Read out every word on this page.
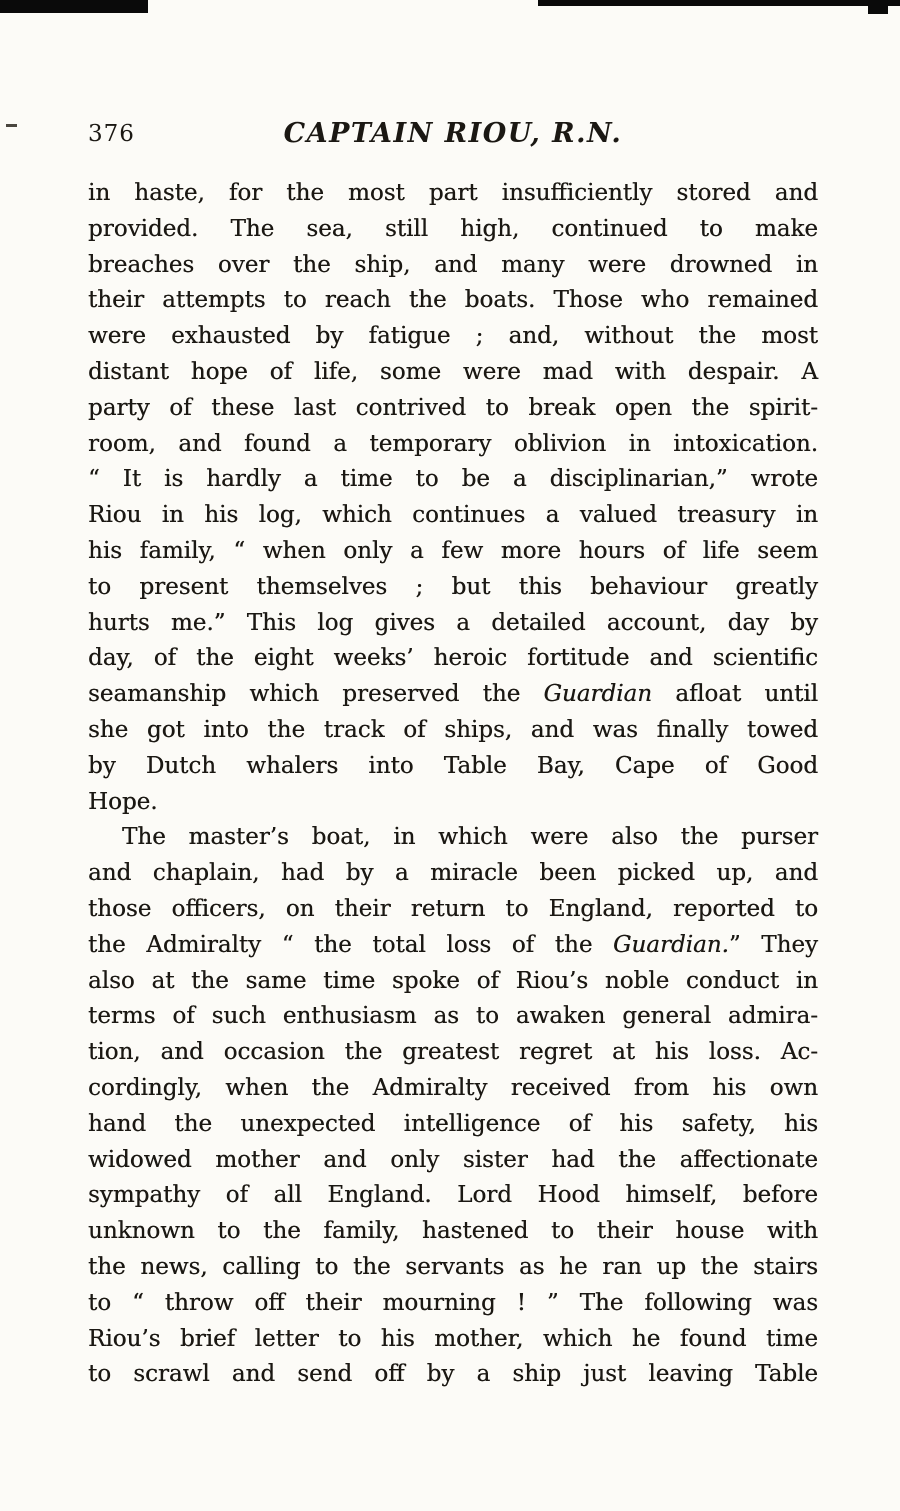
376	CAPTAIN RIOU, R.N.
in haste, for the most part insufficiently stored and
provided. The sea, still high, continued to make
breaches over the ship, and many were drowned in
their attempts to reach the boats. Those who remained
were exhausted by fatigue ; and, without the most
distant hope of life, some were mad with despair. A
party of these last contrived to break open the spirit-
room, and found a temporary oblivion in intoxication.
“ It is hardly a time to be a disciplinarian,” wrote
Riou in his log, which continues a valued treasury in
his family, “ when only a few more hours of life seem
to present themselves ; but this behaviour greatly
hurts me.” This log gives a detailed account, day by
day, of the eight weeks’ heroic fortitude and scientific
seamanship which preserved the Guardian afloat until
she got into the track of ships, and was finally towed
by Dutch whalers into Table Bay, Cape of Good
Hope.
The master’s boat, in which were also the purser
and chaplain, had by a miracle been picked up, and
those officers, on their return to England, reported to
the Admiralty “ the total loss of the Guardian.” They
also at the same time spoke of Riou’s noble conduct in
terms of such enthusiasm as to awaken general admira-
tion, and occasion the greatest regret at his loss. Ac-
cordingly, when the Admiralty received from his own
hand the unexpected intelligence of his safety, his
widowed mother and only sister had the affectionate
sympathy of all England. Lord Hood himself, before
unknown to the family, hastened to their house with
the news, calling to the servants as he ran up the stairs
to “ throw off their mourning ! ” The following was
Riou’s brief letter to his mother, which he found time
to scrawl and send off by a ship just leaving Table
